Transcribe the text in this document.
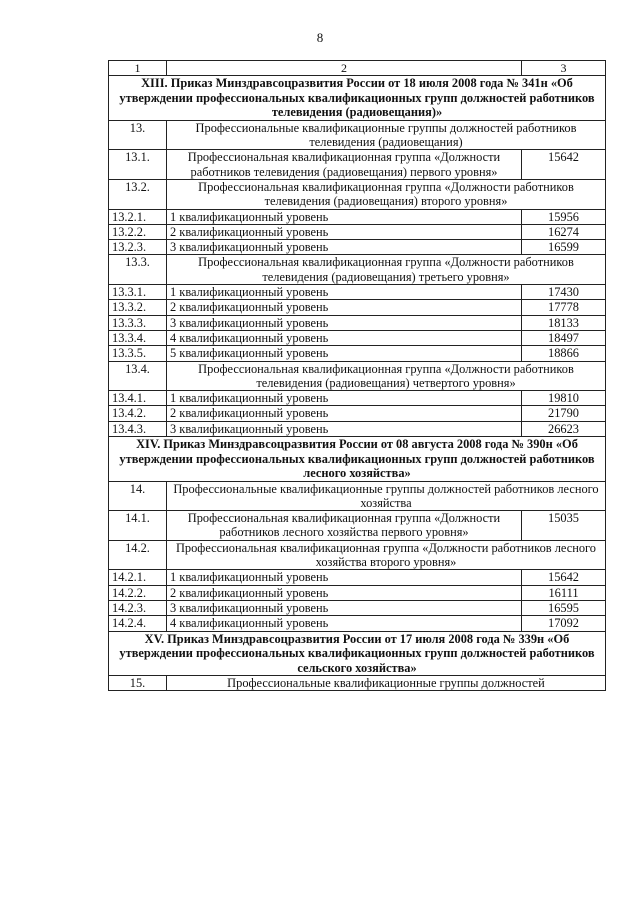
8
1	2	3
XIII. Приказ Минздравсоцразвития России от 18 июля 2008 года № 341н «Об утверждении профессиональных квалификационных групп должностей работников телевидения (радиовещания)»		
13.	Профессиональные квалификационные группы должностей работников телевидения (радиовещания)	
13.1.	Профессиональная квалификационная группа «Должности работников телевидения (радиовещания) первого уровня»	15642
13.2.	Профессиональная квалификационная группа «Должности работников телевидения (радиовещания) второго уровня»	
13.2.1.	1 квалификационный уровень	15956
13.2.2.	2 квалификационный уровень	16274
13.2.3.	3 квалификационный уровень	16599
13.3.	Профессиональная квалификационная группа «Должности работников телевидения (радиовещания) третьего уровня»	
13.3.1.	1 квалификационный уровень	17430
13.3.2.	2 квалификационный уровень	17778
13.3.3.	3 квалификационный уровень	18133
13.3.4.	4 квалификационный уровень	18497
13.3.5.	5 квалификационный уровень	18866
13.4.	Профессиональная квалификационная группа «Должности работников телевидения (радиовещания) четвертого уровня»	
13.4.1.	1 квалификационный уровень	19810
13.4.2.	2 квалификационный уровень	21790
13.4.3.	3 квалификационный уровень	26623
XIV. Приказ Минздравсоцразвития России от 08 августа 2008 года № 390н «Об утверждении профессиональных квалификационных групп должностей работников лесного хозяйства»		
14.	Профессиональные квалификационные группы должностей работников лесного хозяйства	
14.1.	Профессиональная квалификационная группа «Должности работников лесного хозяйства первого уровня»	15035
14.2.	Профессиональная квалификационная группа «Должности работников лесного хозяйства второго уровня»	
14.2.1.	1 квалификационный уровень	15642
14.2.2.	2 квалификационный уровень	16111
14.2.3.	3 квалификационный уровень	16595
14.2.4.	4 квалификационный уровень	17092
XV. Приказ Минздравсоцразвития России от 17 июля 2008 года № 339н «Об утверждении профессиональных квалификационных групп должностей работников сельского хозяйства»		
15.	Профессиональные квалификационные группы должностей	
